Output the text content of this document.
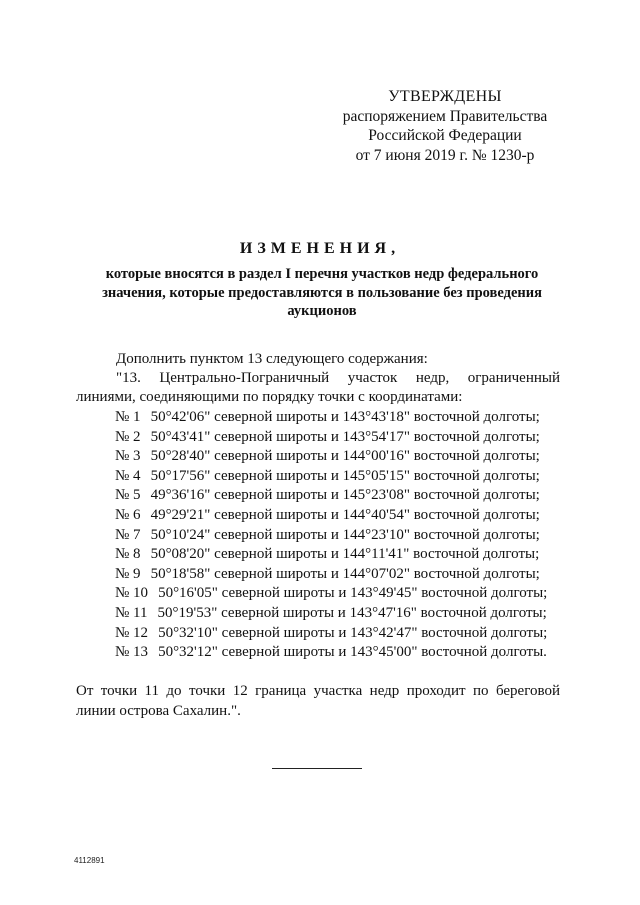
УТВЕРЖДЕНЫ
распоряжением Правительства
Российской Федерации
от 7 июня 2019 г. № 1230-р
ИЗМЕНЕНИЯ,
которые вносятся в раздел I перечня участков недр федерального
значения, которые предоставляются в пользование без проведения
аукционов
Дополнить пунктом 13 следующего содержания:
"13. Центрально-Пограничный участок недр, ограниченный
линиями, соединяющими по порядку точки с координатами:
№ 1 50°42'06" северной широты и 143°43'18" восточной долготы;
№ 2 50°43'41" северной широты и 143°54'17" восточной долготы;
№ 3 50°28'40" северной широты и 144°00'16" восточной долготы;
№ 4 50°17'56" северной широты и 145°05'15" восточной долготы;
№ 5 49°36'16" северной широты и 145°23'08" восточной долготы;
№ 6 49°29'21" северной широты и 144°40'54" восточной долготы;
№ 7 50°10'24" северной широты и 144°23'10" восточной долготы;
№ 8 50°08'20" северной широты и 144°11'41" восточной долготы;
№ 9 50°18'58" северной широты и 144°07'02" восточной долготы;
№ 10 50°16'05" северной широты и 143°49'45" восточной долготы;
№ 11 50°19'53" северной широты и 143°47'16" восточной долготы;
№ 12 50°32'10" северной широты и 143°42'47" восточной долготы;
№ 13 50°32'12" северной широты и 143°45'00" восточной долготы.
От точки 11 до точки 12 граница участка недр проходит по береговой
линии острова Сахалин.".
4112891
